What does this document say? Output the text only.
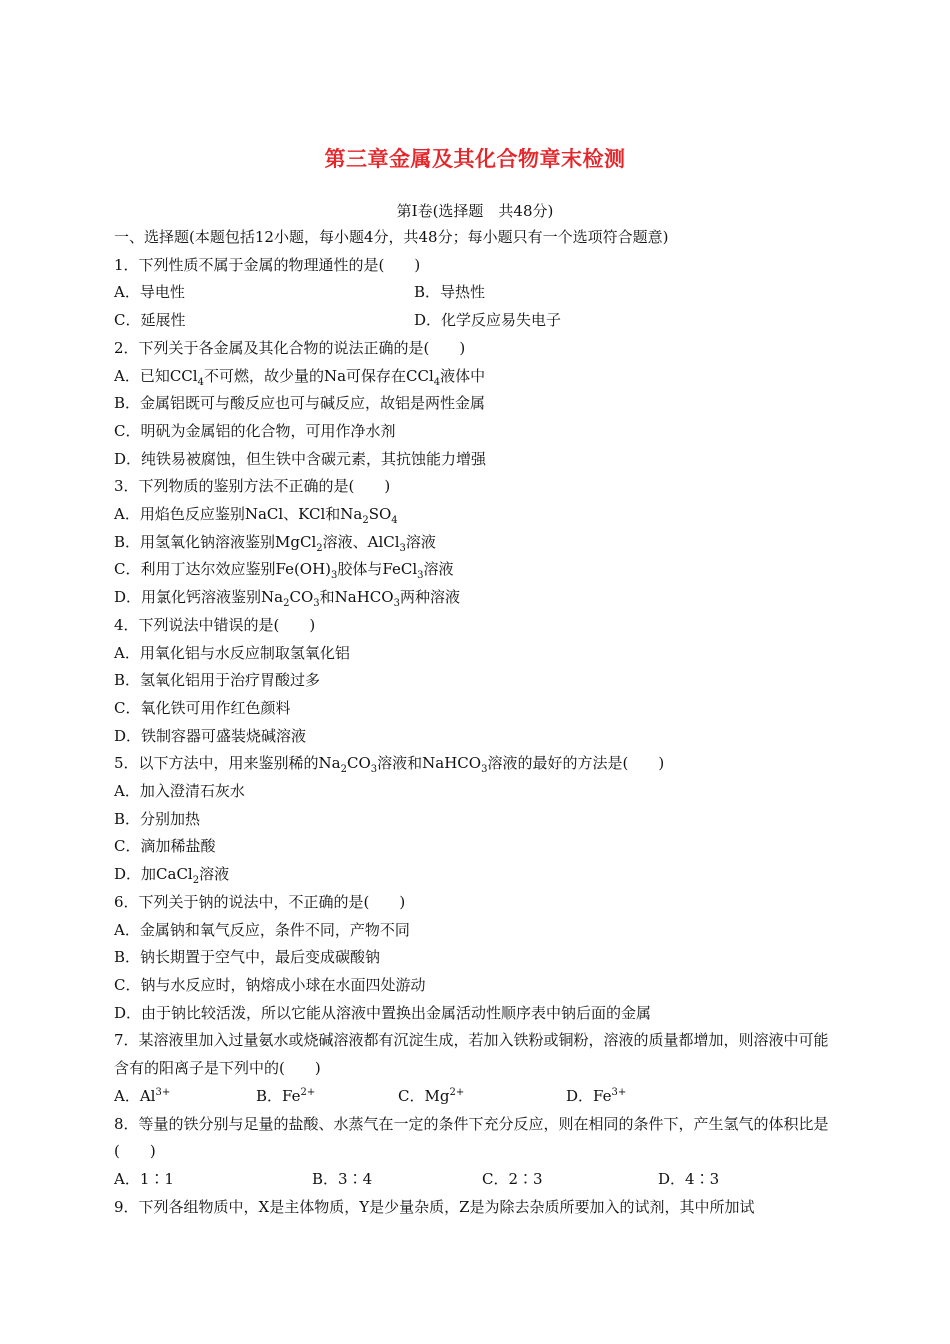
第三章金属及其化合物章末检测
第Ⅰ卷(选择题　共48分)
一、选择题(本题包括12小题，每小题4分，共48分；每小题只有一个选项符合题意)
1．下列性质不属于金属的物理通性的是(　　)
A．导电性	B．导热性
C．延展性	D．化学反应易失电子
2．下列关于各金属及其化合物的说法正确的是(　　)
A．已知CCl$_4$不可燃，故少量的Na可保存在CCl$_4$液体中
B．金属铝既可与酸反应也可与碱反应，故铝是两性金属
C．明矾为金属铝的化合物，可用作净水剂
D．纯铁易被腐蚀，但生铁中含碳元素，其抗蚀能力增强
3．下列物质的鉴别方法不正确的是(　　)
A．用焰色反应鉴别NaCl、KCl和$Na_2SO_4$
B．用氢氧化钠溶液鉴别MgCl$_2$溶液、AlCl$_3$溶液
C．利用丁达尔效应鉴别$Fe(OH)_3$胶体与FeCl$_3$溶液
D．用氯化钙溶液鉴别$Na_2CO_3$和NaHCO$_3$两种溶液
4．下列说法中错误的是(　　)
A．用氧化铝与水反应制取氢氧化铝
B．氢氧化铝用于治疗胃酸过多
C．氧化铁可用作红色颜料
D．铁制容器可盛装烧碱溶液
5．以下方法中，用来鉴别稀的$Na_2CO_3$溶液和NaHCO$_3$溶液的最好的方法是(　　)
A．加入澄清石灰水
B．分别加热
C．滴加稀盐酸
D．加CaCl$_2$溶液
6．下列关于钠的说法中，不正确的是(　　)
A．金属钠和氧气反应，条件不同，产物不同
B．钠长期置于空气中，最后变成碳酸钠
C．钠与水反应时，钠熔成小球在水面四处游动
D．由于钠比较活泼，所以它能从溶液中置换出金属活动性顺序表中钠后面的金属
7．某溶液里加入过量氨水或烧碱溶液都有沉淀生成，若加入铁粉或铜粉，溶液的质量都增加，则溶液中可能含有的阳离子是下列中的(　　)
A．$Al^{3+}$	B．$Fe^{2+}$	C．$Mg^{2+}$	D．$Fe^{3+}$
8．等量的铁分别与足量的盐酸、水蒸气在一定的条件下充分反应，则在相同的条件下，产生氢气的体积比是(　　)
A．1∶1	B．3∶4	C．2∶3	D．4∶3
9．下列各组物质中，X是主体物质，Y是少量杂质，Z是为除去杂质所要加入的试剂，其中所加试
